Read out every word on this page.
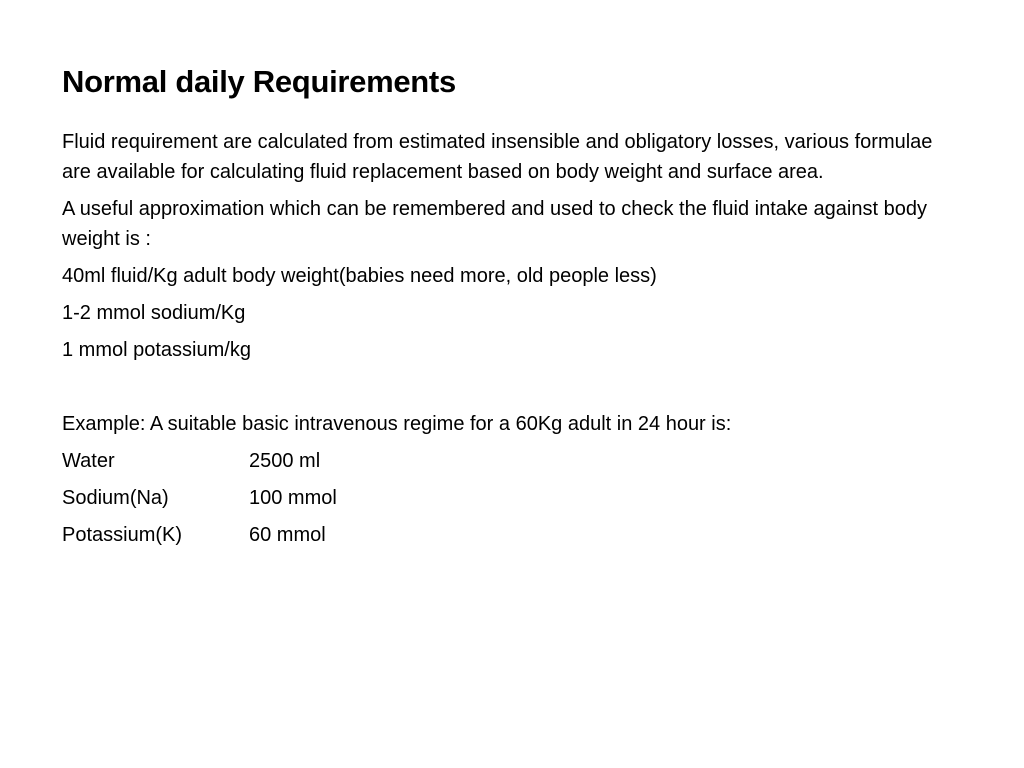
Normal daily Requirements

Fluid requirement are calculated from estimated insensible and obligatory losses, various formulae are available for calculating fluid replacement based on body weight and surface area.

A useful approximation which can be remembered and used to check the fluid intake against body weight is :

40ml fluid/Kg adult body weight(babies need more, old people less)

1-2 mmol sodium/Kg

1 mmol potassium/kg

Example: A suitable basic intravenous regime for a 60Kg adult in 24 hour is:

Water	2500 ml
Sodium(Na)	100 mmol
Potassium(K)	60 mmol
